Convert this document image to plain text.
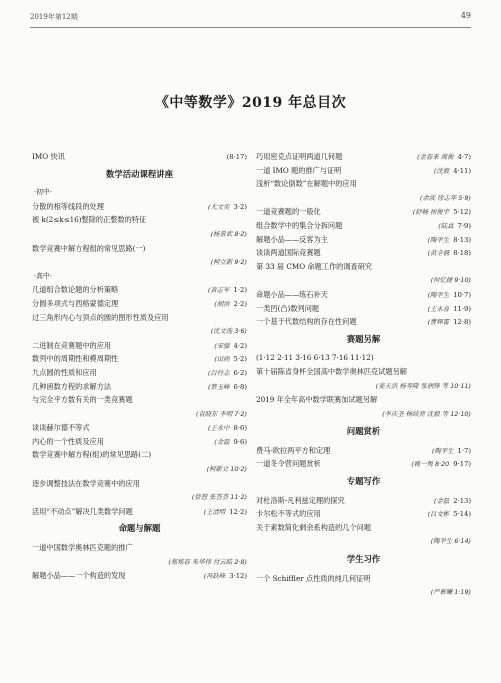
2019年第12期	49
《中等数学》2019 年总目次
IMO 快讯	(8·17)
数学活动课程讲座
·初中·
分散的相等线段的处理	(尤文奕 3·2)
被 k(2≤k≤16)整除的正整数的特征
(杨景武 8·2)
数学竞赛中解方程组的常见思路(一)
(柯立新 9·2)
·高中·
几道组合数论题的分析策略	(黄志军 1·2)
分圆多项式与西格蒙德定理	(胡滨 2·2)
过三角形内心与顶点的圆的图形性质及应用
(沈文选 3·6)
二进制在竞赛题中的应用	(宋强 4·2)
数列中的周期性和模周期性	(田尚 5·2)
九点圆的性质和应用	(吕伶志 6·2)
几种函数方程的求解方法	(蔡玉峰 6·8)
与完全平方数有关的一类竞赛题
(袁晓东 李明 7·2)
谈谈赫尔德不等式	(王永中 8·6)
内心的一个性质及应用	(金磊 9·6)
数学竞赛中解方程(组)的常见思路(二)
(柯新立 10·2)
逐步调整技法在数学竞赛中的应用
(曾慧 张荟荟 11·2)
活用“不动点”解决几类数学问题	(王清明 12·2)
命题与解题
一道中国数学奥林匹克题的推广
(郑郑春 朱华伟 付云皓 2·8)
解题小品——一个构造的发现	(冯跃峰 3·12)
巧用密克点证明两道几何题	(金春来 周俊 4·7)
一道 IMO 题的推广与证明	(沈毅 4·11)
浅析“数论倒数”在解题中的应用
(余波 徐志华 5·9)
一道竞赛题的一般化	(舒畅 侯俊宇 5·12)
组合数学中的集合分拆问题	(陆真 7·9)
解题小品——反客为主	(陶平生 8·13)
谈谈两道国际竞赛题	(黄全福 8·18)
第 33 届 CMO 命题工作的调查研究
(何忆捷 9·10)
命题小品——练石补天	(陶平生 10·7)
一类凹(凸)数列问题	(王永喜 11·9)
一个基于代数结构的存在性问题	(曹辉雷 12·8)
赛题另解
(1·12 2·11 3·16 6·13 7·16 11·12)
第十届陈省身杯全国高中数学奥林匹克试题另解
(姜天浩 杨寿隆 张润锋 等 10·11)
2019 年全年高中数学联赛加试题另解
(李庆圣 杨续亮 沈毅 等 12·10)
问题赏析
费马-欧拉两平方和定理	(陶平生 1·7)
一道冬令营问题赏析	(姚一隽 8·20 9·17)
专题写作
对杜洛斯-凡利兹定理的探究	(金磊 2·13)
卡尔松不等式的应用	(吕文彬 5·14)
关于素数简化剩余系构造的几个问题
(陶平生 6·14)
学生习作
一个 Schiffler 点性质的纯几何证明
(严蓄曦 1·19)
